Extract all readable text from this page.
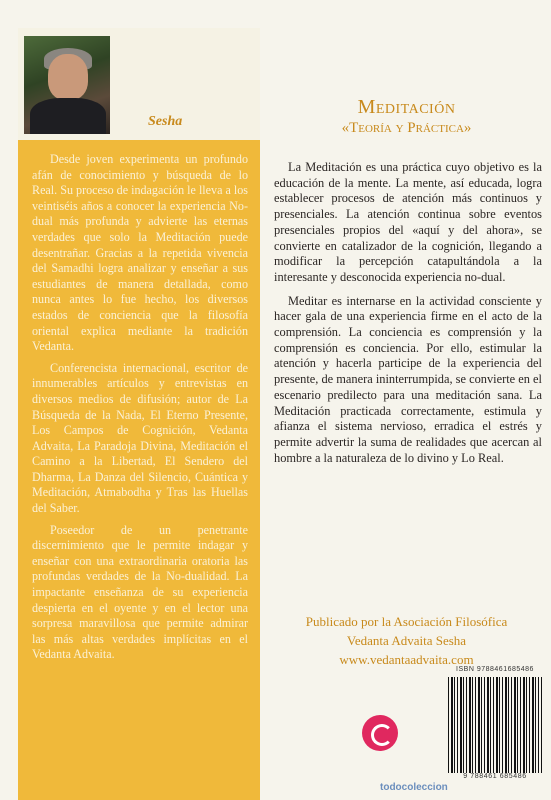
Sesha

Desde joven experimenta un profundo afán de conocimiento y búsqueda de lo Real. Su proceso de indagación le lleva a los veintiséis años a conocer la experiencia No-dual más profunda y advierte las eternas verdades que solo la Meditación puede desentrañar. Gracias a la repetida vivencia del Samadhi logra analizar y enseñar a sus estudiantes de manera detallada, como nunca antes lo fue hecho, los diversos estados de conciencia que la filosofía oriental explica mediante la tradición Vedanta.

Conferencista internacional, escritor de innumerables artículos y entrevistas en diversos medios de difusión; autor de La Búsqueda de la Nada, El Eterno Presente, Los Campos de Cognición, Vedanta Advaita, La Paradoja Divina, Meditación el Camino a la Libertad, El Sendero del Dharma, La Danza del Silencio, Cuántica y Meditación, Atmabodha y Tras las Huellas del Saber.

Poseedor de un penetrante discernimiento que le permite indagar y enseñar con una extraordinaria oratoria las profundas verdades de la No-dualidad. La impactante enseñanza de su experiencia despierta en el oyente y en el lector una sorpresa maravillosa que permite admirar las más altas verdades implícitas en el Vedanta Advaita.

Meditación
«Teoría y Práctica»

La Meditación es una práctica cuyo objetivo es la educación de la mente. La mente, así educada, logra establecer procesos de atención más continuos y presenciales. La atención continua sobre eventos presenciales propios del «aquí y del ahora», se convierte en catalizador de la cognición, llegando a modificar la percepción catapultándola a la interesante y desconocida experiencia no-dual.

Meditar es internarse en la actividad consciente y hacer gala de una experiencia firme en el acto de la comprensión. La conciencia es comprensión y la comprensión es conciencia. Por ello, estimular la atención y hacerla participe de la experiencia del presente, de manera ininterrumpida, se convierte en el escenario predilecto para una meditación sana. La Meditación practicada correctamente, estimula y afianza el sistema nervioso, erradica el estrés y permite advertir la suma de realidades que acercan al hombre a la naturaleza de lo divino y Lo Real.

Publicado por la Asociación Filosófica
Vedanta Advaita Sesha
www.vedantaadvaita.com
ISBN 9788461685486
9 788461 685486
todocoleccion
